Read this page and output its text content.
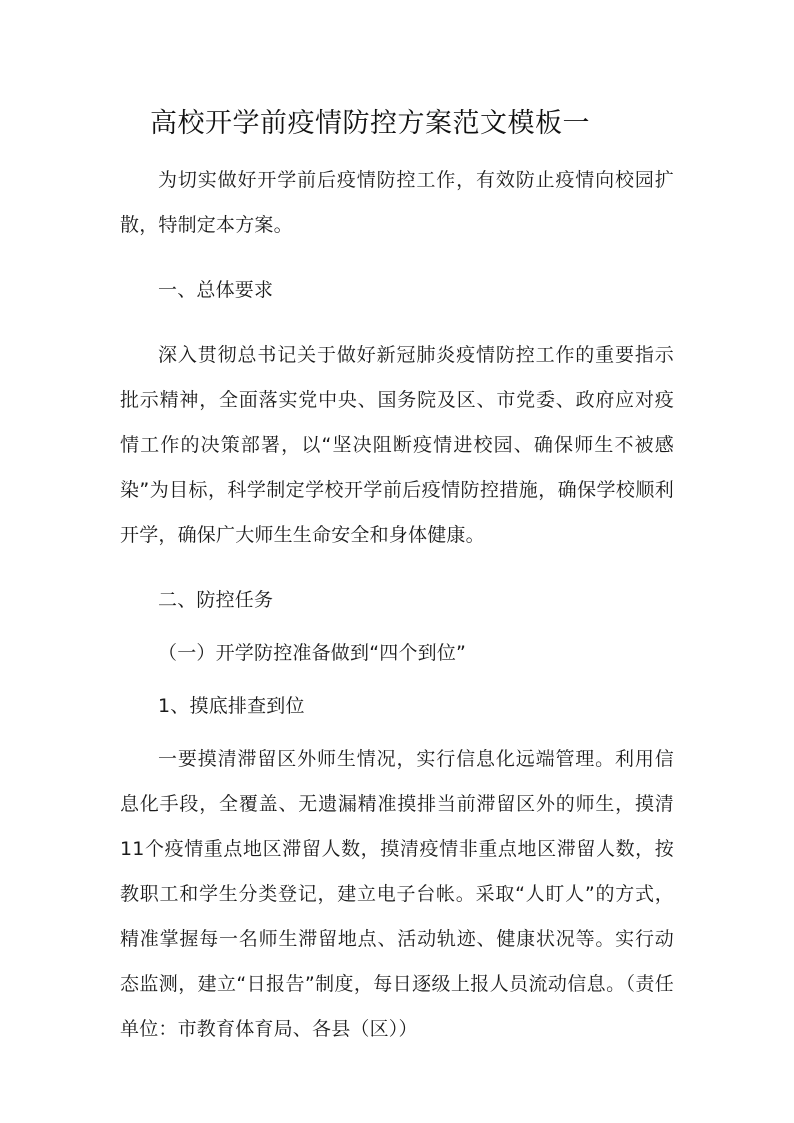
高校开学前疫情防控方案范文模板一

为切实做好开学前后疫情防控工作，有效防止疫情向校园扩散，特制定本方案。

一、总体要求

深入贯彻总书记关于做好新冠肺炎疫情防控工作的重要指示批示精神，全面落实党中央、国务院及区、市党委、政府应对疫情工作的决策部署，以“坚决阻断疫情进校园、确保师生不被感染”为目标，科学制定学校开学前后疫情防控措施，确保学校顺利开学，确保广大师生生命安全和身体健康。

二、防控任务

（一）开学防控准备做到“四个到位”

1、摸底排查到位

一要摸清滞留区外师生情况，实行信息化远端管理。利用信息化手段，全覆盖、无遗漏精准摸排当前滞留区外的师生，摸清11个疫情重点地区滞留人数，摸清疫情非重点地区滞留人数，按教职工和学生分类登记，建立电子台帐。采取“人盯人”的方式，精准掌握每一名师生滞留地点、活动轨迹、健康状况等。实行动态监测，建立“日报告”制度，每日逐级上报人员流动信息。（责任单位：市教育体育局、各县（区））
